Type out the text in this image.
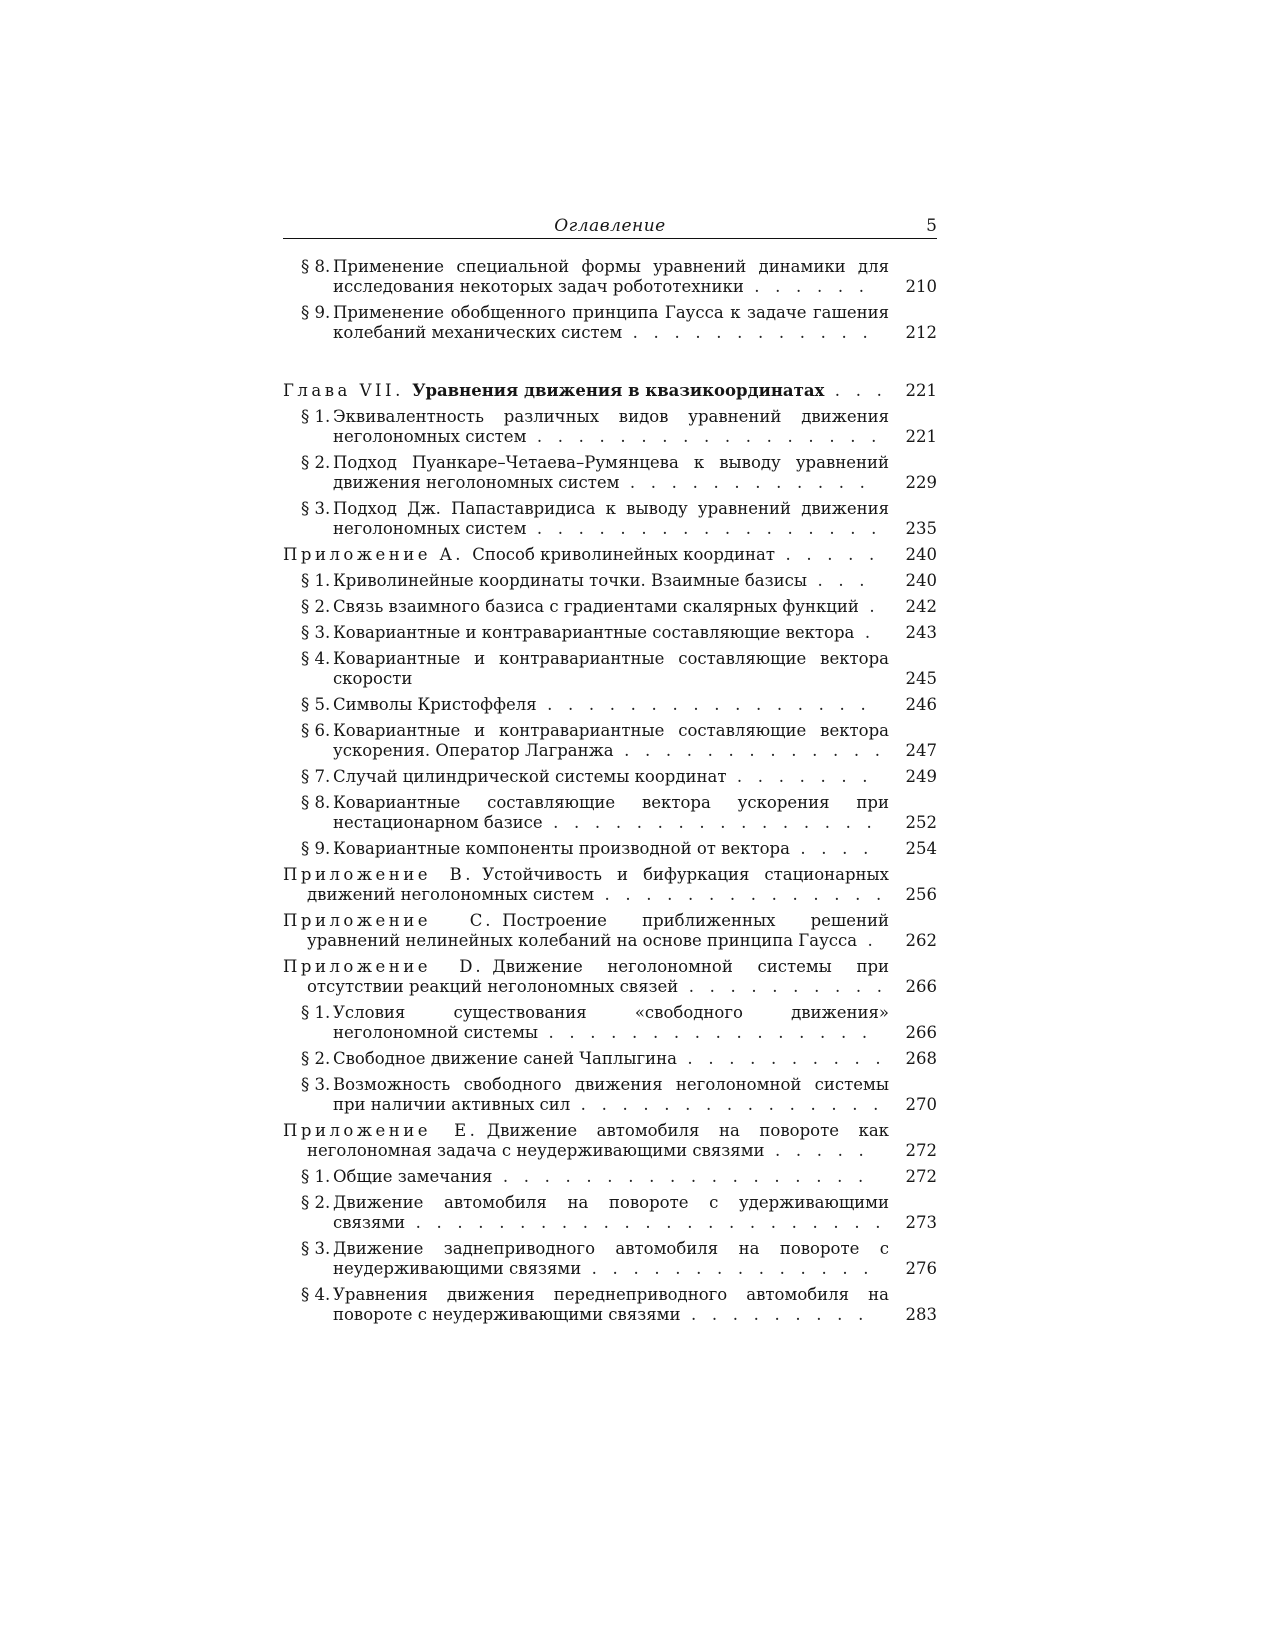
Оглавление	5
§ 8. Применение специальной формы уравнений динамики для исследования некоторых задач робототехники . . . . . .	210
§ 9. Применение обобщенного принципа Гаусса к задаче гашения колебаний механических систем . . . . . . . . . . . .	212
Глава VII.  Уравнения движения в квазикоординатах . . .	221
§ 1. Эквивалентность различных видов уравнений движения неголономных систем . . . . . . . . . . . . . . . . .	221
§ 2. Подход Пуанкаре–Четаева–Румянцева к выводу уравнений движения неголономных систем . . . . . . . . . . . .	229
§ 3. Подход Дж. Папаставридиса к выводу уравнений движения неголономных систем . . . . . . . . . . . . . . . . .	235
Приложение A.  Способ криволинейных координат . . . . .	240
§ 1. Криволинейные координаты точки. Взаимные базисы . . .	240
§ 2. Связь взаимного базиса с градиентами скалярных функций .	242
§ 3. Ковариантные и контравариантные составляющие вектора .	243
§ 4. Ковариантные и контравариантные составляющие вектора скорости	245
§ 5. Символы Кристоффеля . . . . . . . . . . . . . . . .	246
§ 6. Ковариантные и контравариантные составляющие вектора ускорения. Оператор Лагранжа . . . . . . . . . . . . .	247
§ 7. Случай цилиндрической системы координат . . . . . . .	249
§ 8. Ковариантные составляющие вектора ускорения при нестационарном базисе . . . . . . . . . . . . . . . .	252
§ 9. Ковариантные компоненты производной от вектора . . . .	254
Приложение B.  Устойчивость и бифуркация стационарных движений неголономных систем . . . . . . . . . . . . . .	256
Приложение C.  Построение приближенных решений уравнений нелинейных колебаний на основе принципа Гаусса .	262
Приложение D.  Движение неголономной системы при отсутствии реакций неголономных связей . . . . . . . . . .	266
§ 1. Условия существования «свободного движения» неголономной системы . . . . . . . . . . . . . . . .	266
§ 2. Свободное движение саней Чаплыгина . . . . . . . . . .	268
§ 3. Возможность свободного движения неголономной системы при наличии активных сил . . . . . . . . . . . . . . .	270
Приложение E.  Движение автомобиля на повороте как неголономная задача с неудерживающими связями . . . . .	272
§ 1. Общие замечания . . . . . . . . . . . . . . . . . .	272
§ 2. Движение автомобиля на повороте с удерживающими связями . . . . . . . . . . . . . . . . . . . . . . .	273
§ 3. Движение заднеприводного автомобиля на повороте с неудерживающими связями . . . . . . . . . . . . . .	276
§ 4. Уравнения движения переднеприводного автомобиля на повороте с неудерживающими связями . . . . . . . . .	283
